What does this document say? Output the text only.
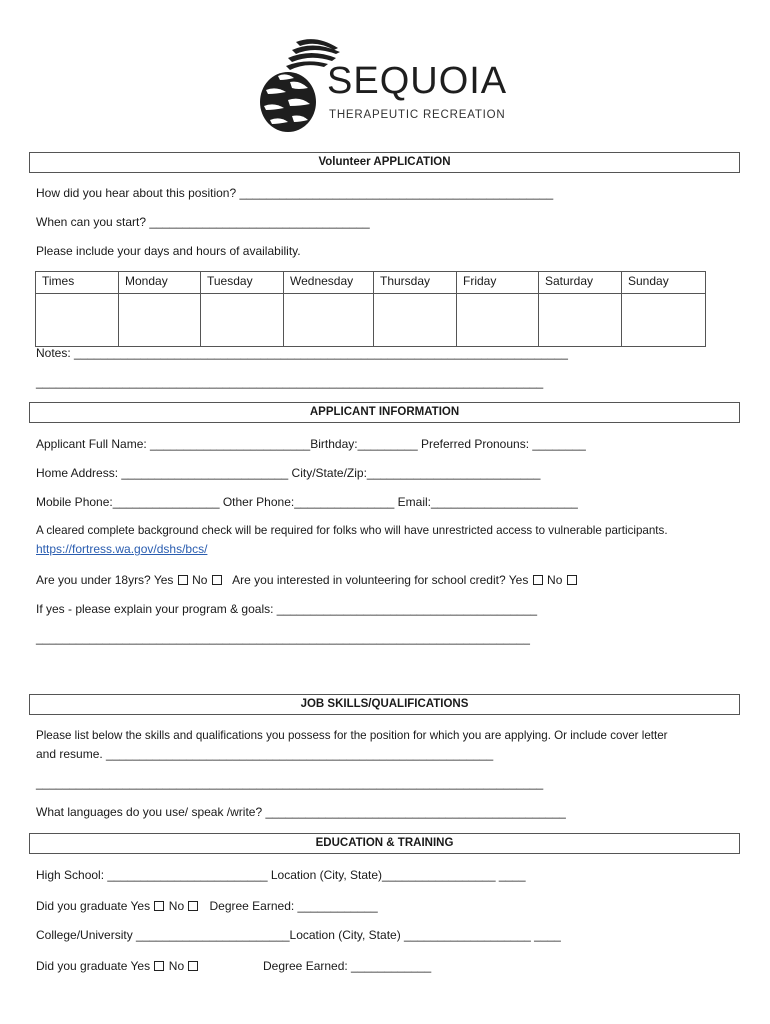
SEQUOIA
THERAPEUTIC RECREATION
Volunteer APPLICATION
How did you hear about this position? _______________________________________________
When can you start? _________________________________
Please include your days and hours of availability.
Times	Monday	Tuesday	Wednesday	Thursday	Friday	Saturday	Sunday

Notes: __________________________________________________________________________
____________________________________________________________________________
APPLICANT INFORMATION
Applicant Full Name: ________________________Birthday:_________ Preferred Pronouns: ________
Home Address: _________________________ City/State/Zip:__________________________
Mobile Phone:________________ Other Phone:_______________ Email:______________________
A cleared complete background check will be required for folks who will have unrestricted access to vulnerable participants.
https://fortress.wa.gov/dshs/bcs/
Are you under 18yrs? Yes No Are you interested in volunteering for school credit? Yes No
If yes - please explain your program & goals: _______________________________________
__________________________________________________________________________
JOB SKILLS/QUALIFICATIONS
Please list below the skills and qualifications you possess for the position for which you are applying. Or include cover letter
and resume. __________________________________________________________
____________________________________________________________________________
What languages do you use/ speak /write? _____________________________________________
EDUCATION & TRAINING
High School: ________________________ Location (City, State)_________________ ____
Did you graduate Yes No Degree Earned: ____________
College/University _______________________Location (City, State) ___________________ ____
Did you graduate Yes No	Degree Earned: ____________
